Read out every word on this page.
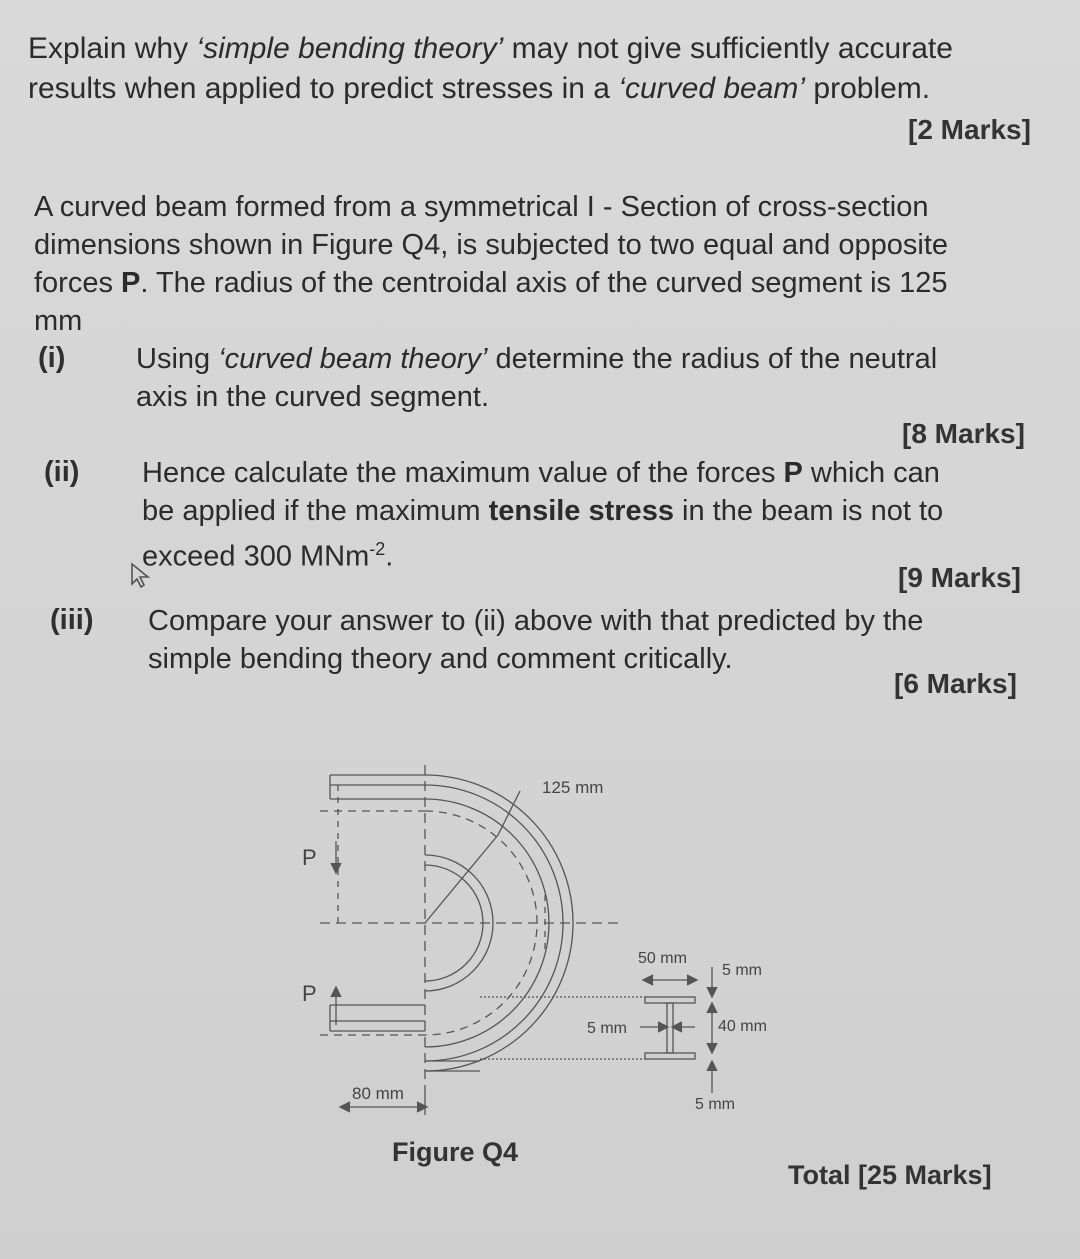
Explain why ‘simple bending theory’ may not give sufficiently accurate
results when applied to predict stresses in a ‘curved beam’ problem.
[2 Marks]
A curved beam formed from a symmetrical I - Section of cross-section
dimensions shown in Figure Q4, is subjected to two equal and opposite
forces P. The radius of the centroidal axis of the curved segment is 125
mm
(i) Using ‘curved beam theory’ determine the radius of the neutral
axis in the curved segment.
[8 Marks]
(ii) Hence calculate the maximum value of the forces P which can
be applied if the maximum tensile stress in the beam is not to
exceed 300 MNm$^{-2}$.
[9 Marks]
(iii) Compare your answer to (ii) above with that predicted by the
simple bending theory and comment critically.
[6 Marks]
125 mm
P
P
80 mm
50 mm
5 mm
5 mm	40 mm
5 mm
Figure Q4
Total [25 Marks]
